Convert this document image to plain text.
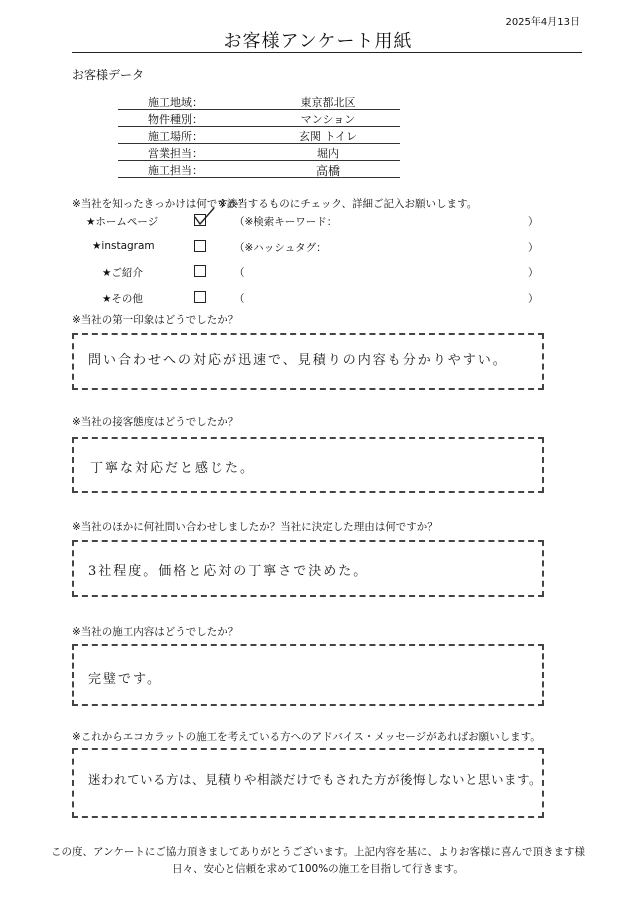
2025年4月13日
お客様アンケート用紙
お客様データ
施工地域：	東京都北区
物件種別：	マンション
施工場所：	玄関 トイレ
営業担当：	堀内
施工担当：	高橋
※当社を知ったきっかけは何ですか？
※該当するものにチェック、詳細ご記入お願いします。
★ホームページ	（※検索キーワード：	）
★instagram	（※ハッシュタグ：	）
★ご紹介	（	）
★その他	（	）
※当社の第一印象はどうでしたか？
問い合わせへの対応が迅速で、見積りの内容も分かりやすい。
※当社の接客態度はどうでしたか？
丁寧な対応だと感じた。
※当社のほかに何社問い合わせしましたか？当社に決定した理由は何ですか？
3社程度。価格と応対の丁寧さで決めた。
※当社の施工内容はどうでしたか？
完璧です。
※これからエコカラットの施工を考えている方へのアドバイス・メッセージがあればお願いします。
迷われている方は、見積りや相談だけでもされた方が後悔しないと思います。
この度、アンケートにご協力頂きましてありがとうございます。上記内容を基に、よりお客様に喜んで頂きます様
日々、安心と信頼を求めて100%の施工を目指して行きます。
